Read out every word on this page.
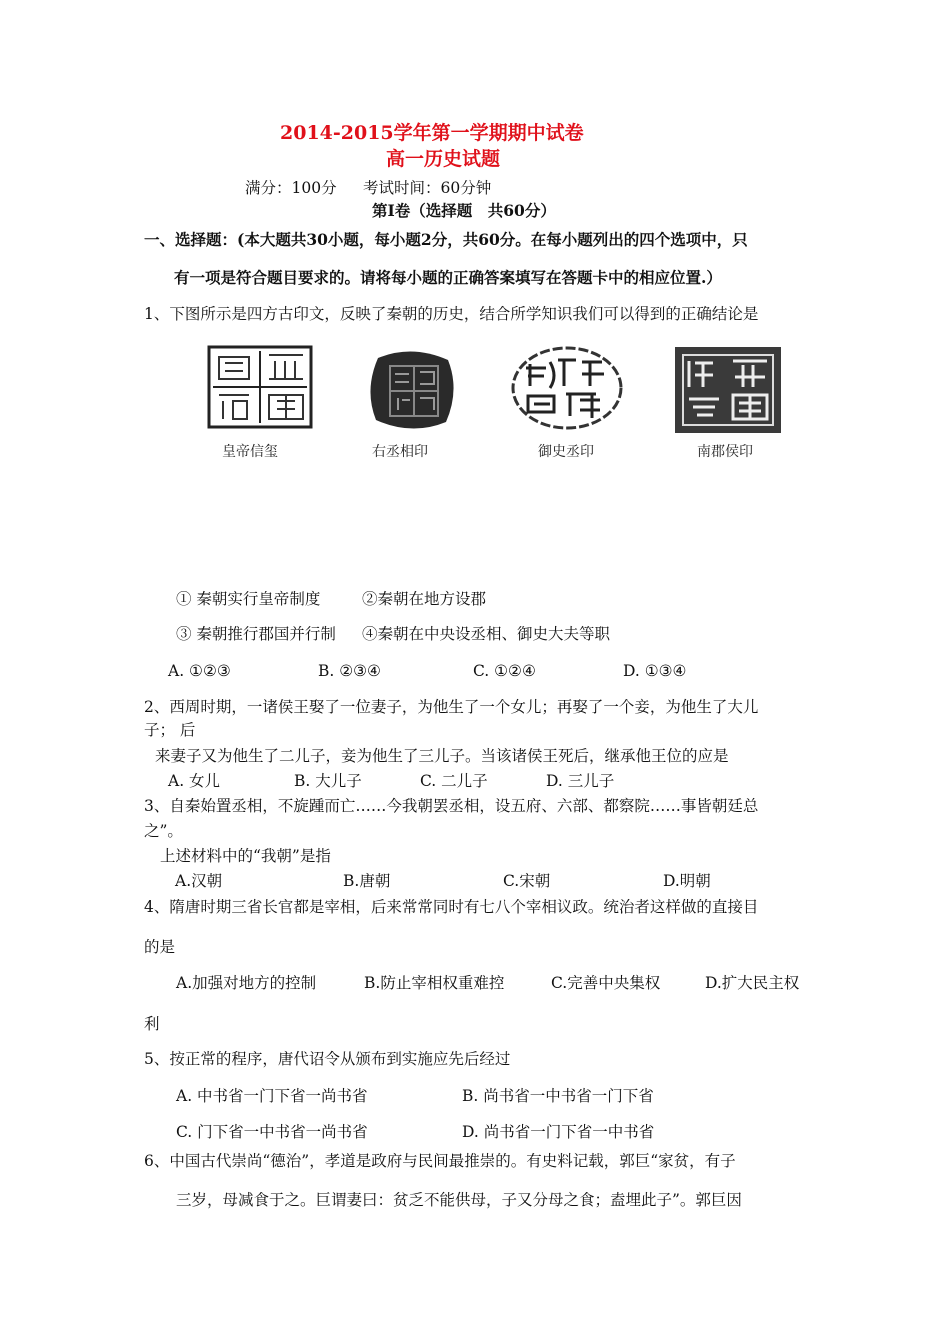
2014-2015学年第一学期期中试卷
高一历史试题
满分：100分 考试时间：60分钟
第Ⅰ卷（选择题　共60分）
一、选择题：(本大题共30小题，每小题2分，共60分。在每小题列出的四个选项中，只
有一项是符合题目要求的。请将每小题的正确答案填写在答题卡中的相应位置.）
1、下图所示是四方古印文，反映了秦朝的历史，结合所学知识我们可以得到的正确结论是
皇帝信玺	右丞相印	御史丞印	南郡侯印
① 秦朝实行皇帝制度	②秦朝在地方设郡
③ 秦朝推行郡国并行制 ④秦朝在中央设丞相、御史大夫等职
A. ①②③	B. ②③④	C. ①②④	D. ①③④
2、西周时期，一诸侯王娶了一位妻子，为他生了一个女儿；再娶了一个妾，为他生了大儿
子； 后
来妻子又为他生了二儿子，妾为他生了三儿子。当该诸侯王死后，继承他王位的应是
A. 女儿	B. 大儿子	C. 二儿子	D. 三儿子
3、自秦始置丞相，不旋踵而亡……今我朝罢丞相，设五府、六部、都察院……事皆朝廷总
之”。
上述材料中的“我朝”是指
A.汉朝	B.唐朝	C.宋朝	D.明朝
4、隋唐时期三省长官都是宰相，后来常常同时有七八个宰相议政。统治者这样做的直接目
的是
A.加强对地方的控制	B.防止宰相权重难控	C.完善中央集权	D.扩大民主权
利
5、按正常的程序，唐代诏令从颁布到实施应先后经过
A. 中书省一门下省一尚书省	B. 尚书省一中书省一门下省
C. 门下省一中书省一尚书省	D. 尚书省一门下省一中书省
6、中国古代崇尚“德治”，孝道是政府与民间最推崇的。有史料记载，郭巨“家贫，有子
三岁，母减食于之。巨谓妻曰：贫乏不能供母，子又分母之食；盍埋此子”。郭巨因
